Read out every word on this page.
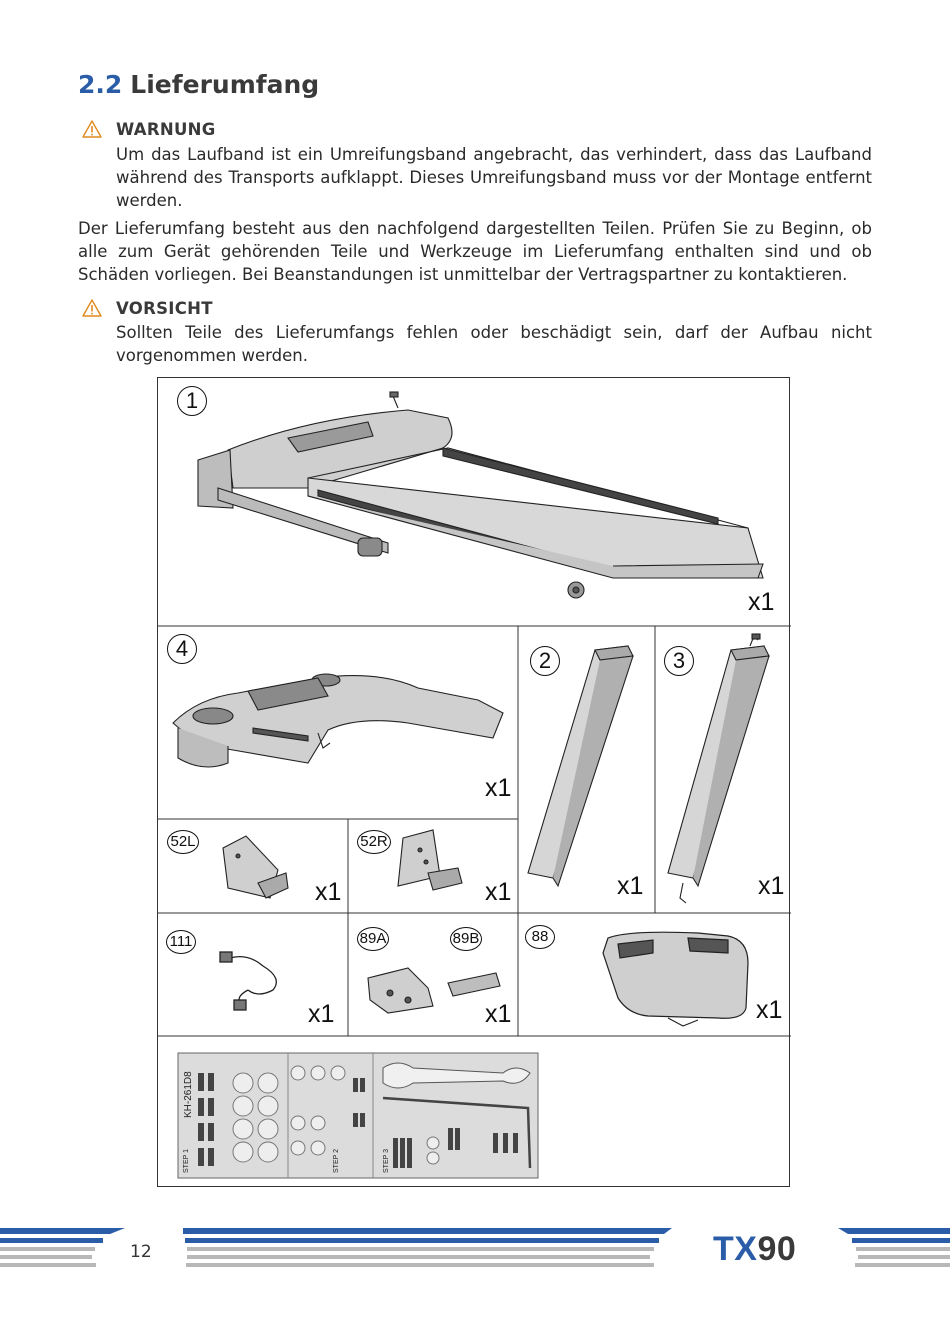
2.2 Lieferumfang
WARNUNG
Um das Laufband ist ein Umreifungsband angebracht, das verhindert, dass das Laufband während des Transports aufklappt. Dieses Umreifungsband muss vor der Montage entfernt werden.
Der Lieferumfang besteht aus den nachfolgend dargestellten Teilen. Prüfen Sie zu Beginn, ob alle zum Gerät gehörenden Teile und Werkzeuge im Lieferumfang enthalten sind und ob Schäden vorliegen. Bei Beanstandungen ist unmittelbar der Vertragspartner zu kontaktieren.
VORSICHT
Sollten Teile des Lieferumfangs fehlen oder beschädigt sein, darf der Aufbau nicht vorgenommen werden.
KH-261D8
STEP 1	STEP 2	STEP 3
1
x1
4
x1
2
x1
3
x1
52L
x1
52R
x1
111
x1
89A	89B
x1
88
x1
12	TX90
